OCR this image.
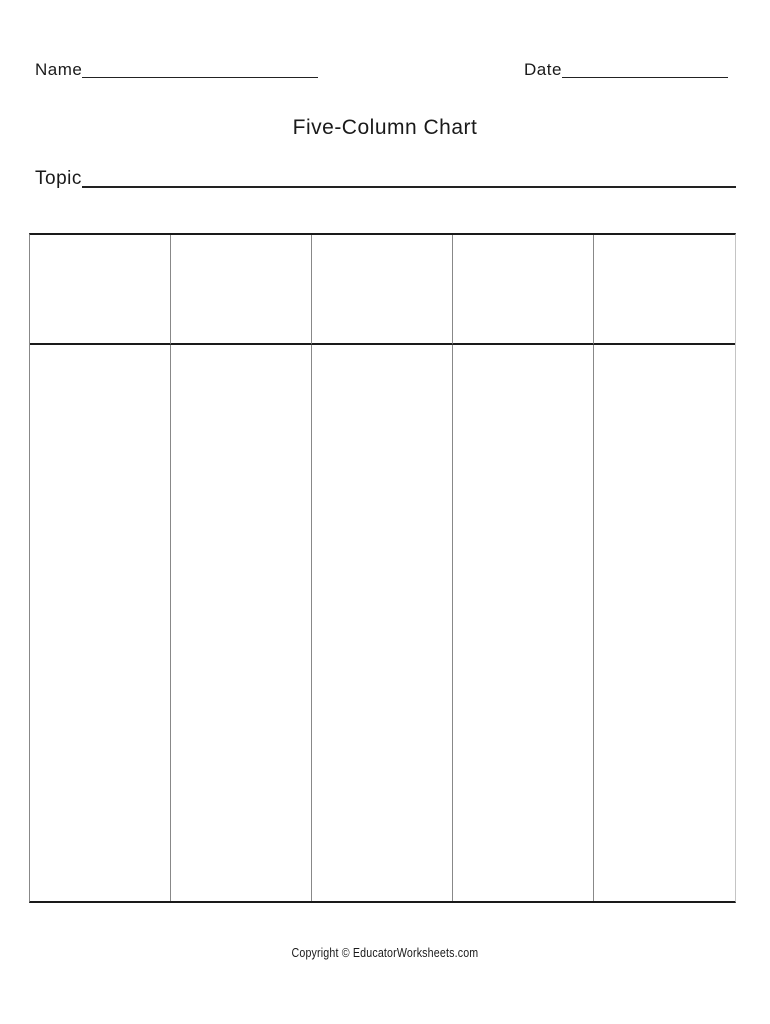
Name	Date
Five-Column Chart
Topic
Copyright © EducatorWorksheets.com
